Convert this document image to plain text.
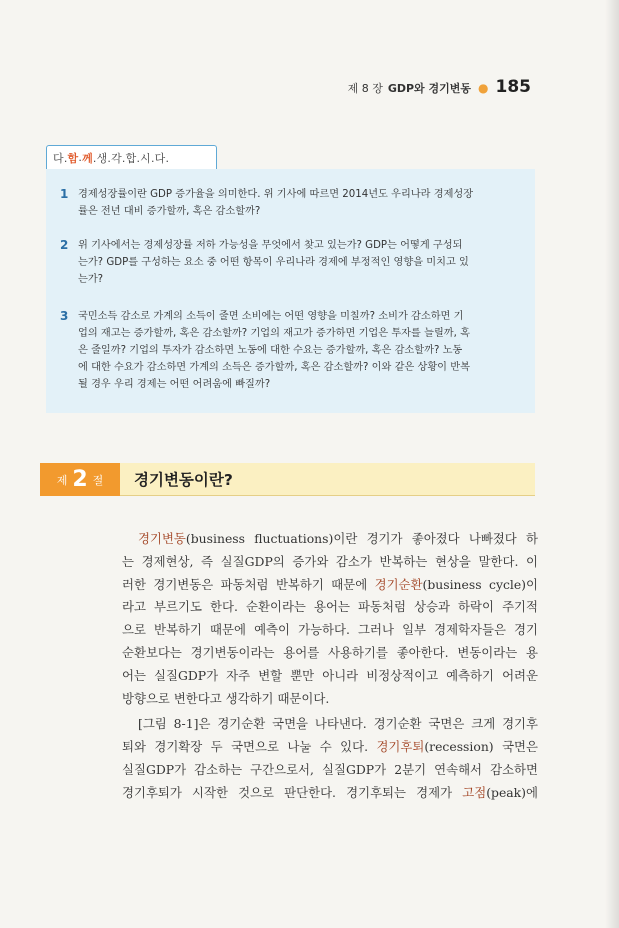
제 8 장 GDP와 경기변동 ● 185
다. 함 . 께 .생.각.합.시.다.
1 경제성장률이란 GDP 증가율을 의미한다. 위 기사에 따르면 2014년도 우리나라 경제성장
률은 전년 대비 증가할까, 혹은 감소할까?
2 위 기사에서는 경제성장률 저하 가능성을 무엇에서 찾고 있는가? GDP는 어떻게 구성되
는가? GDP를 구성하는 요소 중 어떤 항목이 우리나라 경제에 부정적인 영향을 미치고 있
는가?
3 국민소득 감소로 가계의 소득이 줄면 소비에는 어떤 영향을 미칠까? 소비가 감소하면 기
업의 재고는 증가할까, 혹은 감소할까? 기업의 재고가 증가하면 기업은 투자를 늘릴까, 혹
은 줄일까? 기업의 투자가 감소하면 노동에 대한 수요는 증가할까, 혹은 감소할까? 노동
에 대한 수요가 감소하면 가계의 소득은 증가할까, 혹은 감소할까? 이와 같은 상황이 반복
될 경우 우리 경제는 어떤 어려움에 빠질까?
제 2 절 경기변동이란?
경기변동(business fluctuations)이란 경기가 좋아졌다 나빠졌다 하
는 경제현상, 즉 실질GDP의 증가와 감소가 반복하는 현상을 말한다. 이
러한 경기변동은 파동처럼 반복하기 때문에 경기순환(business cycle)이
라고 부르기도 한다. 순환이라는 용어는 파동처럼 상승과 하락이 주기적
으로 반복하기 때문에 예측이 가능하다. 그러나 일부 경제학자들은 경기
순환보다는 경기변동이라는 용어를 사용하기를 좋아한다. 변동이라는 용
어는 실질GDP가 자주 변할 뿐만 아니라 비정상적이고 예측하기 어려운
방향으로 변한다고 생각하기 때문이다.
[그림 8-1]은 경기순환 국면을 나타낸다. 경기순환 국면은 크게 경기후
퇴와 경기확장 두 국면으로 나눌 수 있다. 경기후퇴(recession) 국면은
실질GDP가 감소하는 구간으로서, 실질GDP가 2분기 연속해서 감소하면
경기후퇴가 시작한 것으로 판단한다. 경기후퇴는 경제가 고점(peak)에
